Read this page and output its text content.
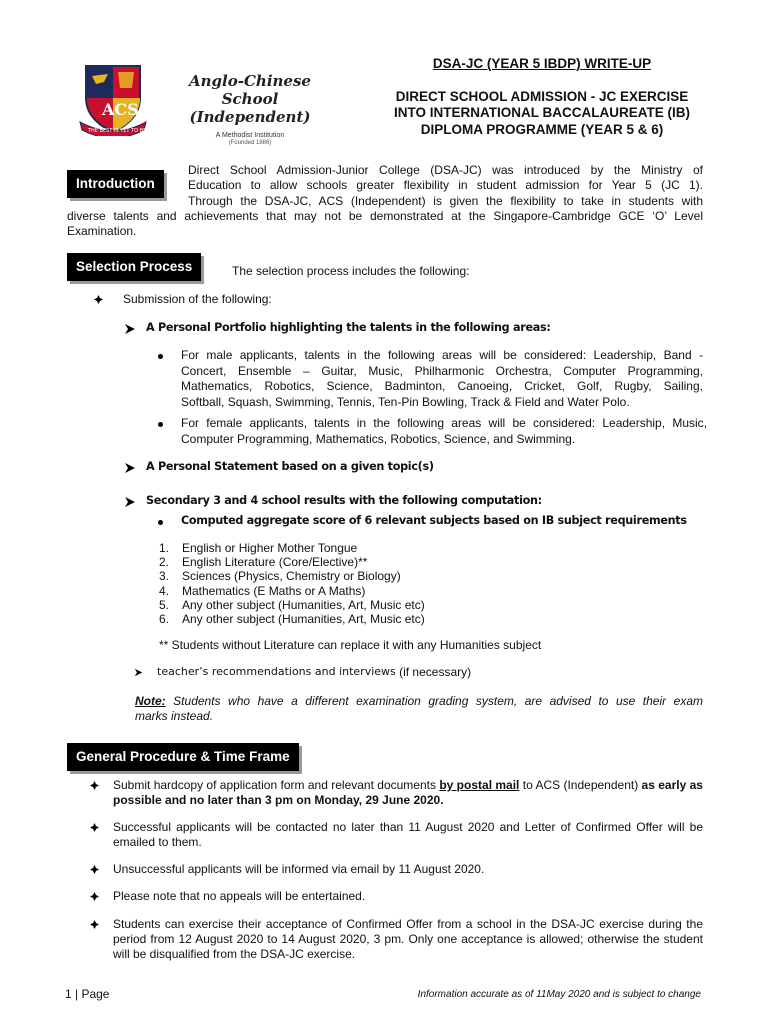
ACS
THE BEST IS YET TO BE
Anglo-Chinese School
(Independent)
A Methodist Institution
(Founded 1886)
DSA-JC (YEAR 5 IBDP) WRITE-UP
DIRECT SCHOOL ADMISSION - JC EXERCISE
INTO INTERNATIONAL BACCALAUREATE (IB)
DIPLOMA PROGRAMME (YEAR 5 & 6)
Introduction
Direct School Admission-Junior College (DSA-JC) was introduced by the Ministry of
Education to allow schools greater flexibility in student admission for Year 5 (JC 1).
Through the DSA-JC, ACS (Independent) is given the flexibility to take in students with
diverse talents and achievements that may not be demonstrated at the Singapore-Cambridge GCE ‘O’ Level
Examination.
Selection Process	The selection process includes the following:
Submission of the following:
A Personal Portfolio highlighting the talents in the following areas:
For male applicants, talents in the following areas will be considered: Leadership, Band -
Concert, Ensemble – Guitar, Music, Philharmonic Orchestra, Computer Programming,
Mathematics, Robotics, Science, Badminton, Canoeing, Cricket, Golf, Rugby, Sailing,
Softball, Squash, Swimming, Tennis, Ten-Pin Bowling, Track & Field and Water Polo.
For female applicants, talents in the following areas will be considered: Leadership, Music,
Computer Programming, Mathematics, Robotics, Science, and Swimming.
A Personal Statement based on a given topic(s)
Secondary 3 and 4 school results with the following computation:
Computed aggregate score of 6 relevant subjects based on IB subject requirements
1.	English or Higher Mother Tongue
2.	English Literature (Core/Elective)**
3.	Sciences (Physics, Chemistry or Biology)
4.	Mathematics (E Maths or A Maths)
5.	Any other subject (Humanities, Art, Music etc)
6.	Any other subject (Humanities, Art, Music etc)
** Students without Literature can replace it with any Humanities subject
teacher’s recommendations and interviews (if necessary)
Note: Students who have a different examination grading system, are advised to use their exam
marks instead.
General Procedure & Time Frame
Submit hardcopy of application form and relevant documents by postal mail to ACS (Independent) as early as possible and no later than 3 pm on Monday, 29 June 2020.
Successful applicants will be contacted no later than 11 August 2020 and Letter of Confirmed Offer will be emailed to them.
Unsuccessful applicants will be informed via email by 11 August 2020.
Please note that no appeals will be entertained.
Students can exercise their acceptance of Confirmed Offer from a school in the DSA-JC exercise during the period from 12 August 2020 to 14 August 2020, 3 pm. Only one acceptance is allowed; otherwise the student will be disqualified from the DSA-JC exercise.
1 | Page	Information accurate as of 11May 2020 and is subject to change
